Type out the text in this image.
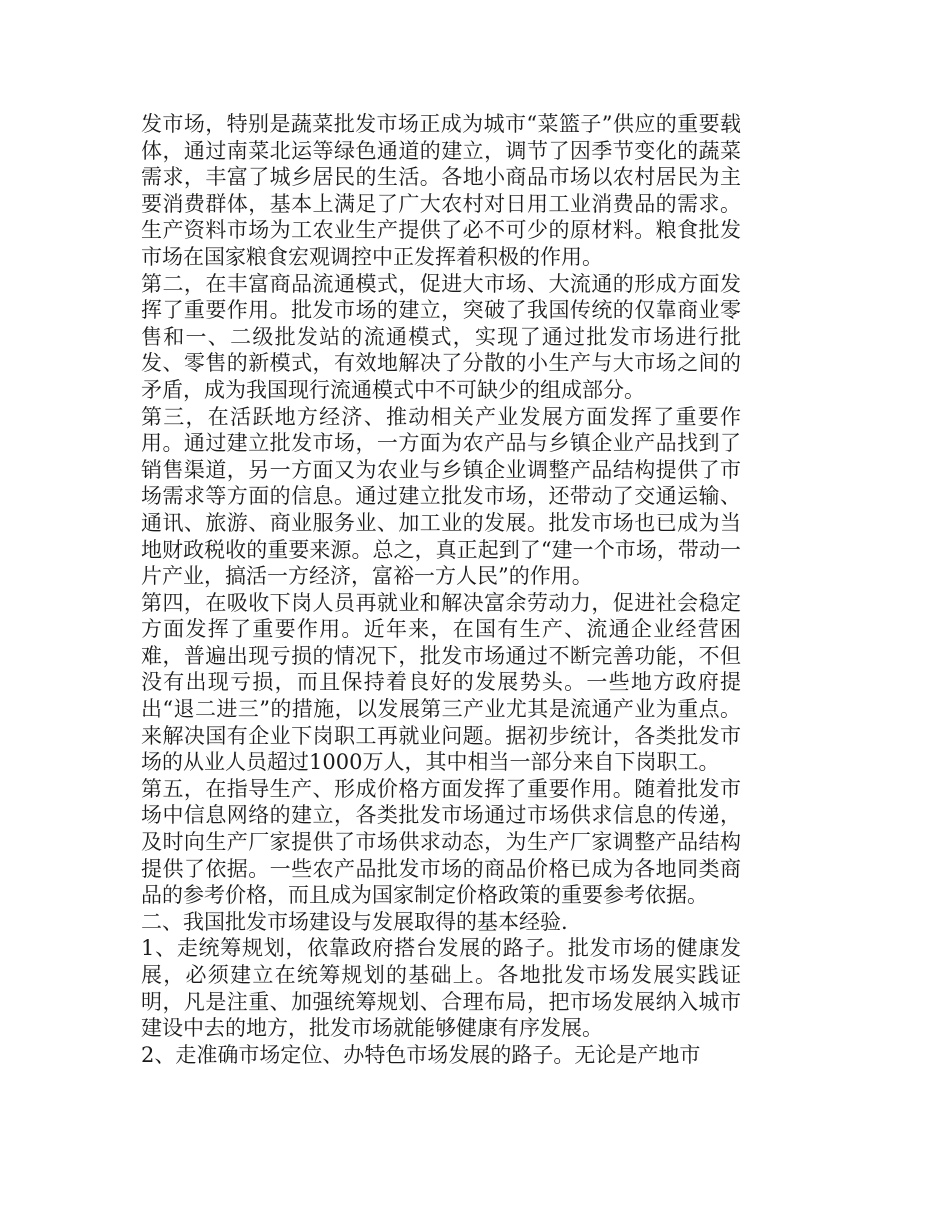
发市场，特别是蔬菜批发市场正成为城市“菜篮子”供应的重要载体，通过南菜北运等绿色通道的建立，调节了因季节变化的蔬菜需求，丰富了城乡居民的生活。各地小商品市场以农村居民为主要消费群体，基本上满足了广大农村对日用工业消费品的需求。生产资料市场为工农业生产提供了必不可少的原材料。粮食批发市场在国家粮食宏观调控中正发挥着积极的作用。

第二，在丰富商品流通模式，促进大市场、大流通的形成方面发挥了重要作用。批发市场的建立，突破了我国传统的仅靠商业零售和一、二级批发站的流通模式，实现了通过批发市场进行批发、零售的新模式，有效地解决了分散的小生产与大市场之间的矛盾，成为我国现行流通模式中不可缺少的组成部分。

第三，在活跃地方经济、推动相关产业发展方面发挥了重要作用。通过建立批发市场，一方面为农产品与乡镇企业产品找到了销售渠道，另一方面又为农业与乡镇企业调整产品结构提供了市场需求等方面的信息。通过建立批发市场，还带动了交通运输、通讯、旅游、商业服务业、加工业的发展。批发市场也已成为当地财政税收的重要来源。总之，真正起到了“建一个市场，带动一片产业，搞活一方经济，富裕一方人民”的作用。

第四，在吸收下岗人员再就业和解决富余劳动力，促进社会稳定方面发挥了重要作用。近年来，在国有生产、流通企业经营困难，普遍出现亏损的情况下，批发市场通过不断完善功能，不但没有出现亏损，而且保持着良好的发展势头。一些地方政府提出“退二进三”的措施，以发展第三产业尤其是流通产业为重点。来解决国有企业下岗职工再就业问题。据初步统计，各类批发市场的从业人员超过1000万人，其中相当一部分来自下岗职工。

第五，在指导生产、形成价格方面发挥了重要作用。随着批发市场中信息网络的建立，各类批发市场通过市场供求信息的传递，及时向生产厂家提供了市场供求动态，为生产厂家调整产品结构提供了依据。一些农产品批发市场的商品价格已成为各地同类商品的参考价格，而且成为国家制定价格政策的重要参考依据。

二、我国批发市场建设与发展取得的基本经验.

1、走统筹规划，依靠政府搭台发展的路子。批发市场的健康发展，必须建立在统筹规划的基础上。各地批发市场发展实践证明，凡是注重、加强统筹规划、合理布局，把市场发展纳入城市建设中去的地方，批发市场就能够健康有序发展。

2、走准确市场定位、办特色市场发展的路子。无论是产地市
